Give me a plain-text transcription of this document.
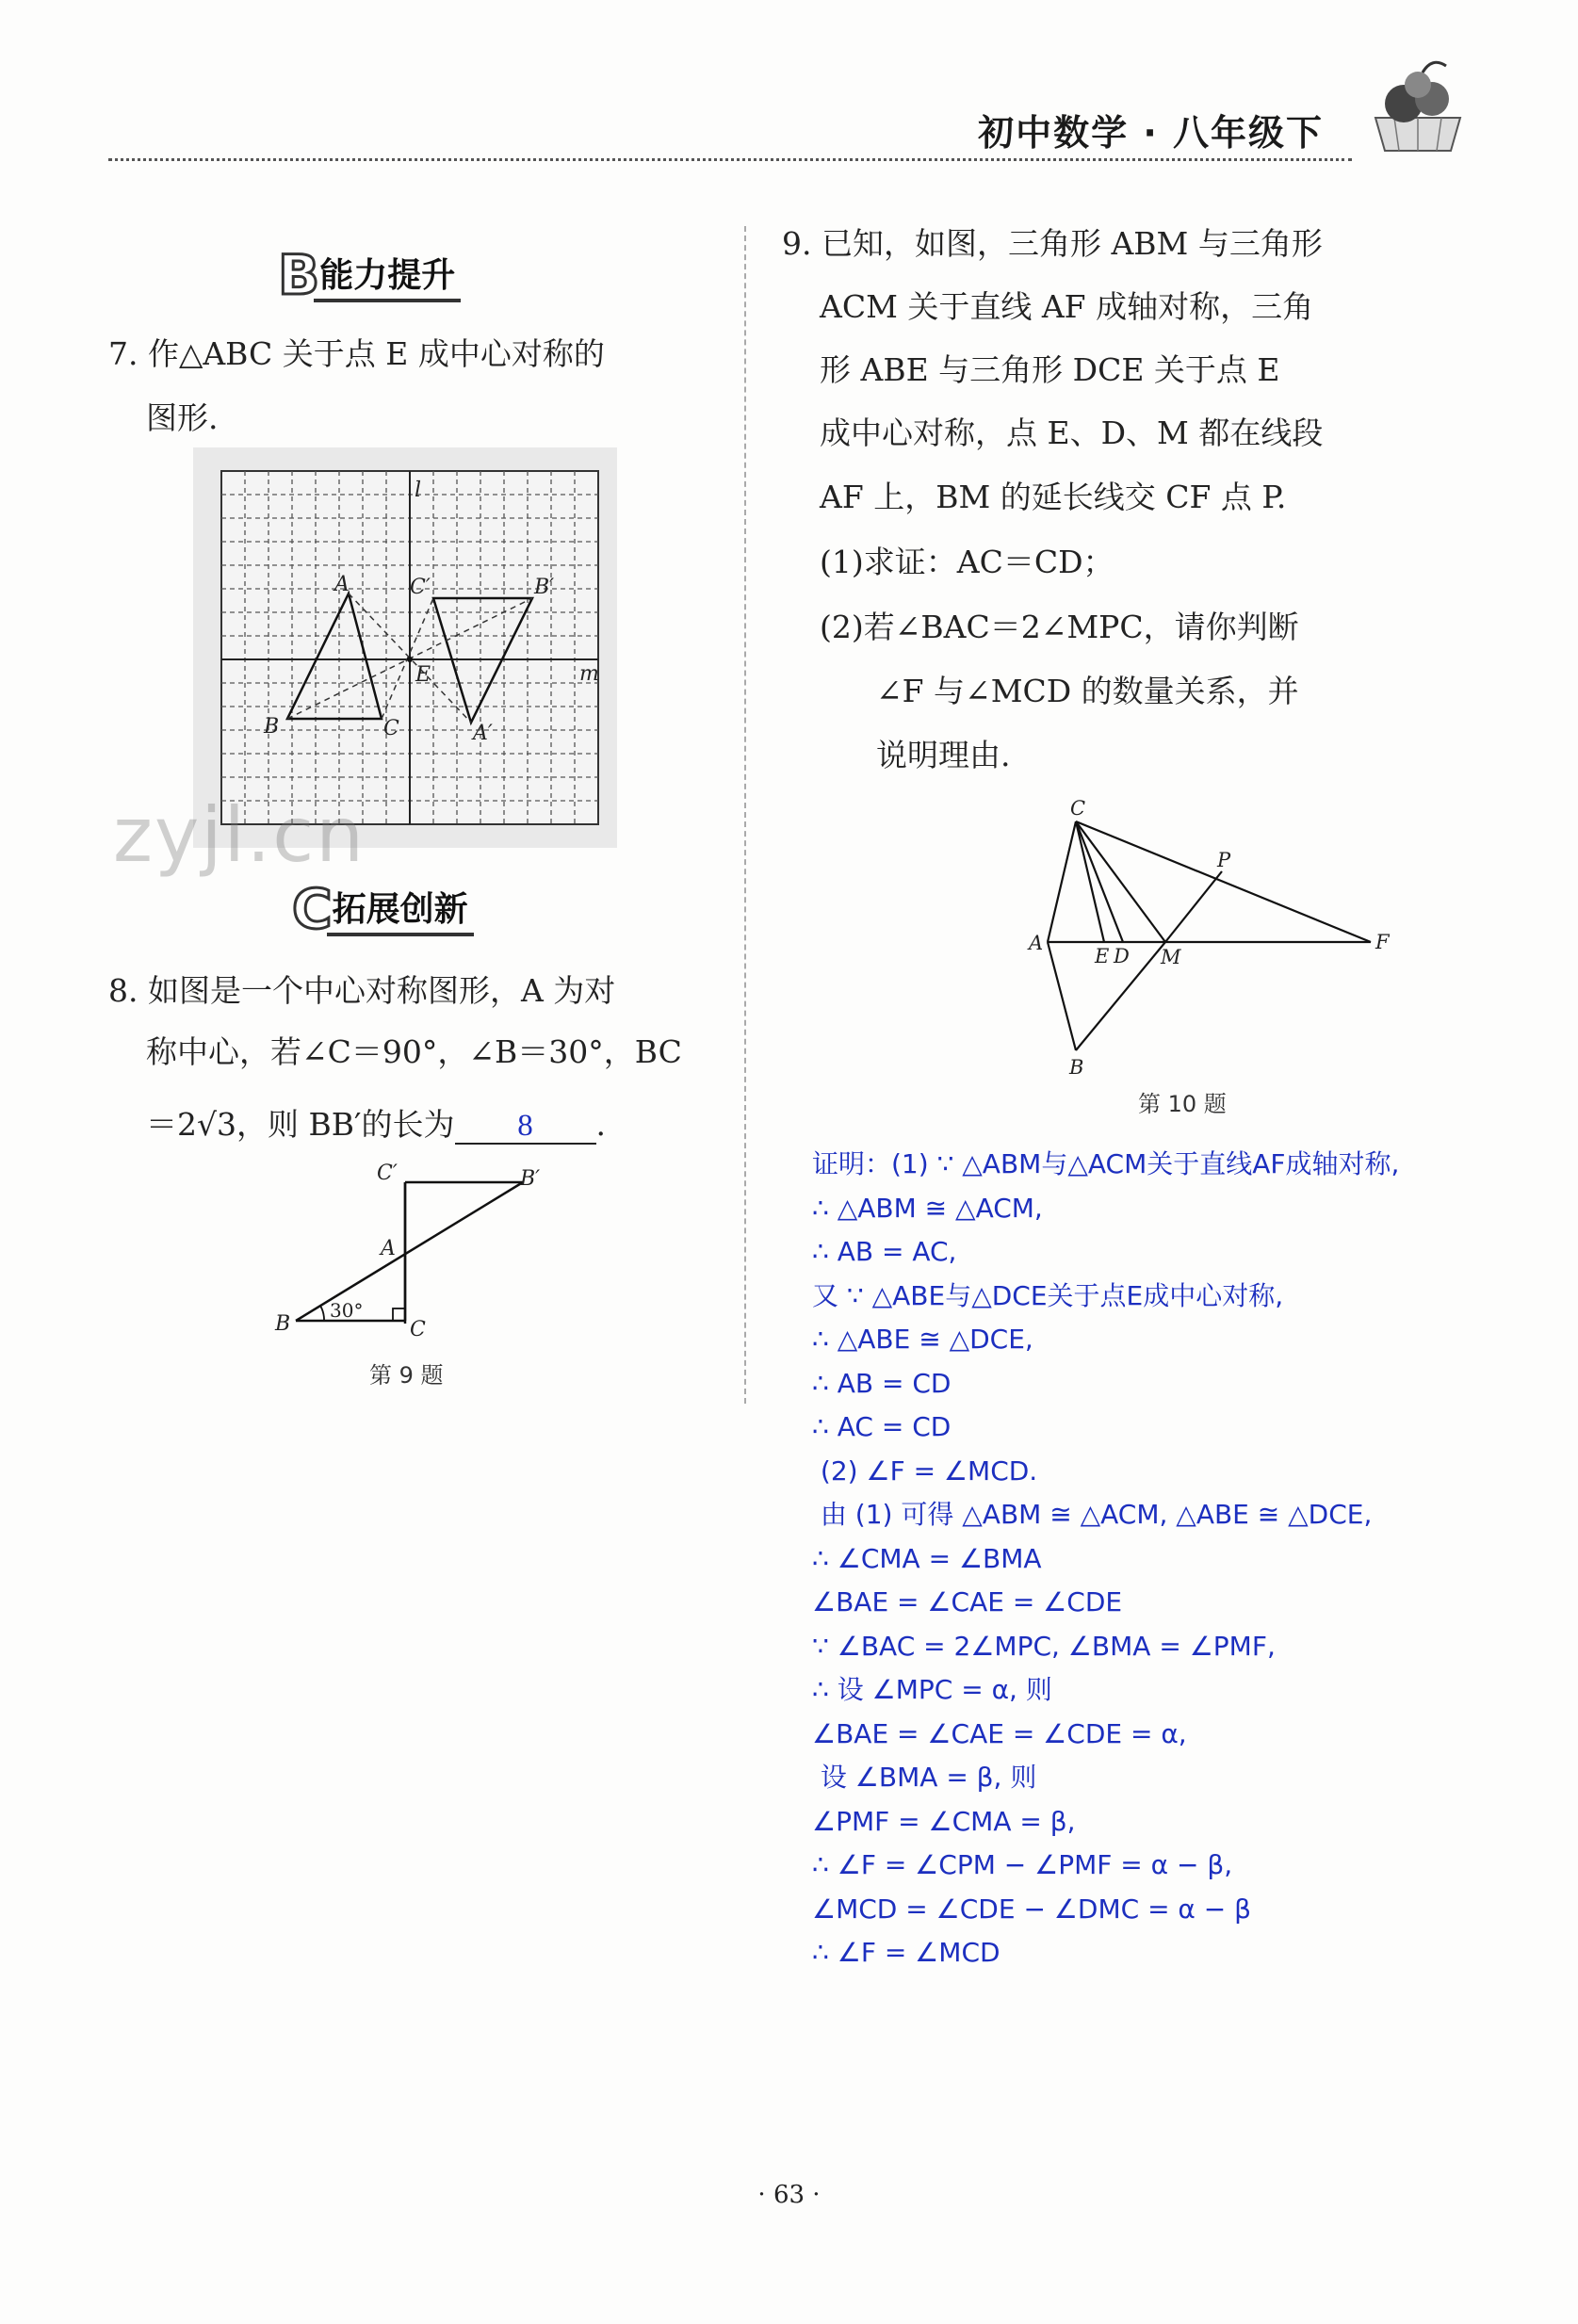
初中数学 · 八年级下
B 能力提升
7. 作△ABC 关于点 E 成中心对称的
图形.
l
m
A
B	C
C′	B′
A′
E
zyjl.cn
C 拓展创新
8. 如图是一个中心对称图形，A 为对
称中心，若∠C＝90°，∠B＝30°，BC
＝2√3，则 BB′的长为 8 .
C′	B′
A
B	C
30°
第 9 题
9. 已知，如图，三角形 ABM 与三角形
ACM 关于直线 AF 成轴对称，三角
形 ABE 与三角形 DCE 关于点 E
成中心对称，点 E、D、M 都在线段
AF 上，BM 的延长线交 CF 点 P.
(1)求证：AC＝CD；
(2)若∠BAC＝2∠MPC，请你判断
∠F 与∠MCD 的数量关系，并
说明理由.
C
P
A
E D M
F
B
第 10 题
证明：(1) ∵ △ABM与△ACM关于直线AF成轴对称,
∴ △ABM ≅ △ACM,
∴ AB = AC,
又 ∵ △ABE与△DCE关于点E成中心对称,
∴ △ABE ≅ △DCE,
∴ AB = CD
∴ AC = CD
(2) ∠F = ∠MCD.
由 (1) 可得 △ABM ≅ △ACM, △ABE ≅ △DCE,
∴ ∠CMA = ∠BMA
∠BAE = ∠CAE = ∠CDE
∵ ∠BAC = 2∠MPC, ∠BMA = ∠PMF,
∴ 设 ∠MPC = α, 则
∠BAE = ∠CAE = ∠CDE = α,
设 ∠BMA = β, 则
∠PMF = ∠CMA = β,
∴ ∠F = ∠CPM − ∠PMF = α − β,
∠MCD = ∠CDE − ∠DMC = α − β
∴ ∠F = ∠MCD
· 63 ·
